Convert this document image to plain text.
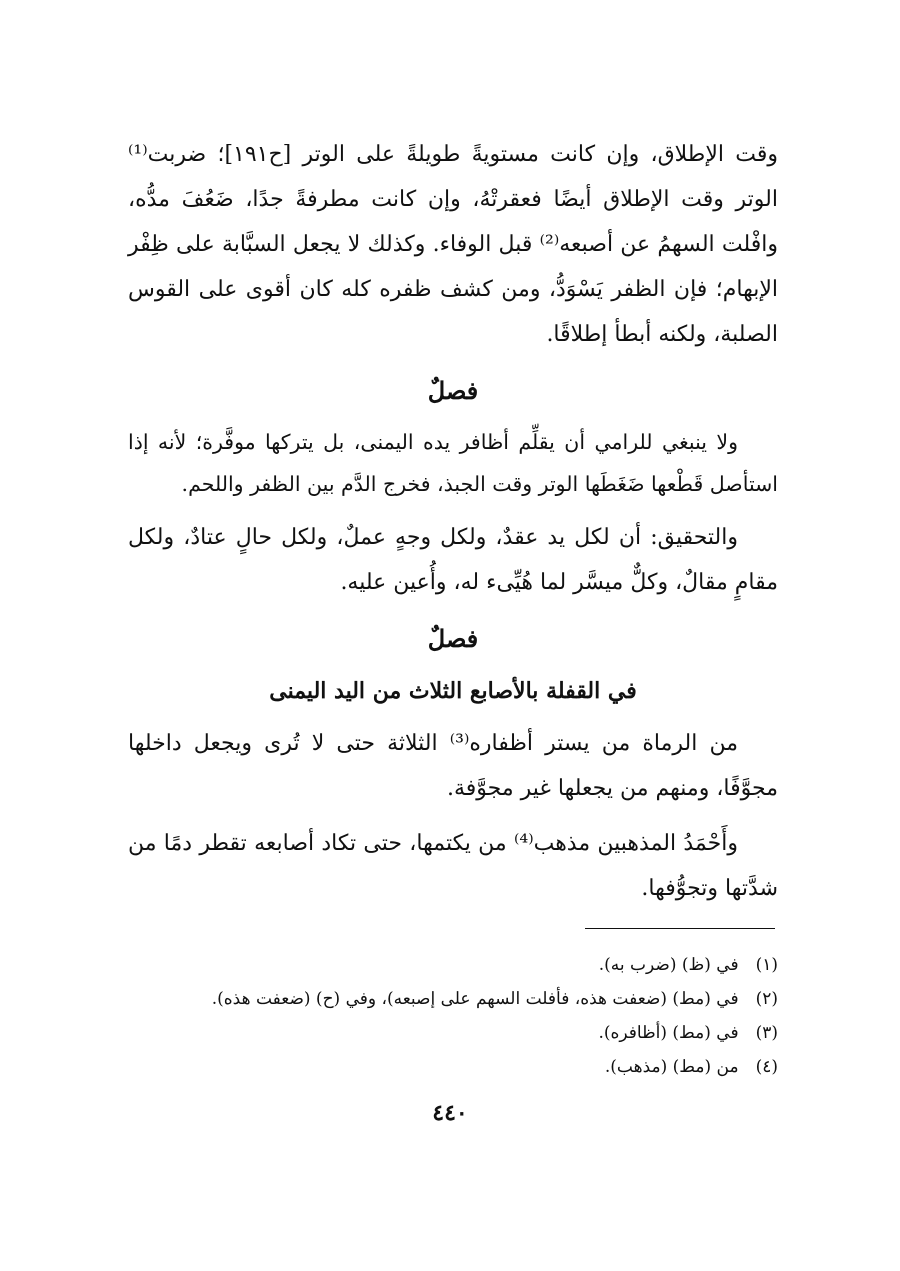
وقت الإطلاق، وإن كانت مستويةً طويلةً على الوتر [ح١٩١]؛ ضربت⁽¹⁾ الوتر وقت الإطلاق أيضًا فعقرتْهُ، وإن كانت مطرفةً جدًا، ضَعُفَ مدُّه، وافْلت السهمُ عن أصبعه⁽²⁾ قبل الوفاء. وكذلك لا يجعل السبَّابة على ظِفْر الإبهام؛ فإن الظفر يَسْوَدُّ، ومن كشف ظفره كله كان أقوى على القوس الصلبة، ولكنه أبطأ إطلاقًا.

فصلٌ

ولا ينبغي للرامي أن يقلِّم أظافر يده اليمنى، بل يتركها موفَّرة؛ لأنه إذا استأصل قَطْعها ضَغَطَها الوتر وقت الجبذ، فخرج الدَّم بين الظفر واللحم.

والتحقيق: أن لكل يد عقدٌ، ولكل وجهٍ عملٌ، ولكل حالٍ عتادٌ، ولكل مقامٍ مقالٌ، وكلٌّ ميسَّر لما هُيِّىء له، وأُعين عليه.

فصلٌ
في القفلة بالأصابع الثلاث من اليد اليمنى

من الرماة من يستر أظفاره⁽³⁾ الثلاثة حتى لا تُرى ويجعل داخلها مجوَّفًا، ومنهم من يجعلها غير مجوَّفة.

وأَحْمَدُ المذهبين مذهب⁽⁴⁾ من يكتمها، حتى تكاد أصابعه تقطر دمًا من شدَّتها وتجوُّفها.

(١) في (ظ) (ضرب به).
(٢) في (مط) (ضعفت هذه، فأفلت السهم على إصبعه)، وفي (ح) (ضعفت هذه).
(٣) في (مط) (أظافره).
(٤) من (مط) (مذهب).
٤٤٠
